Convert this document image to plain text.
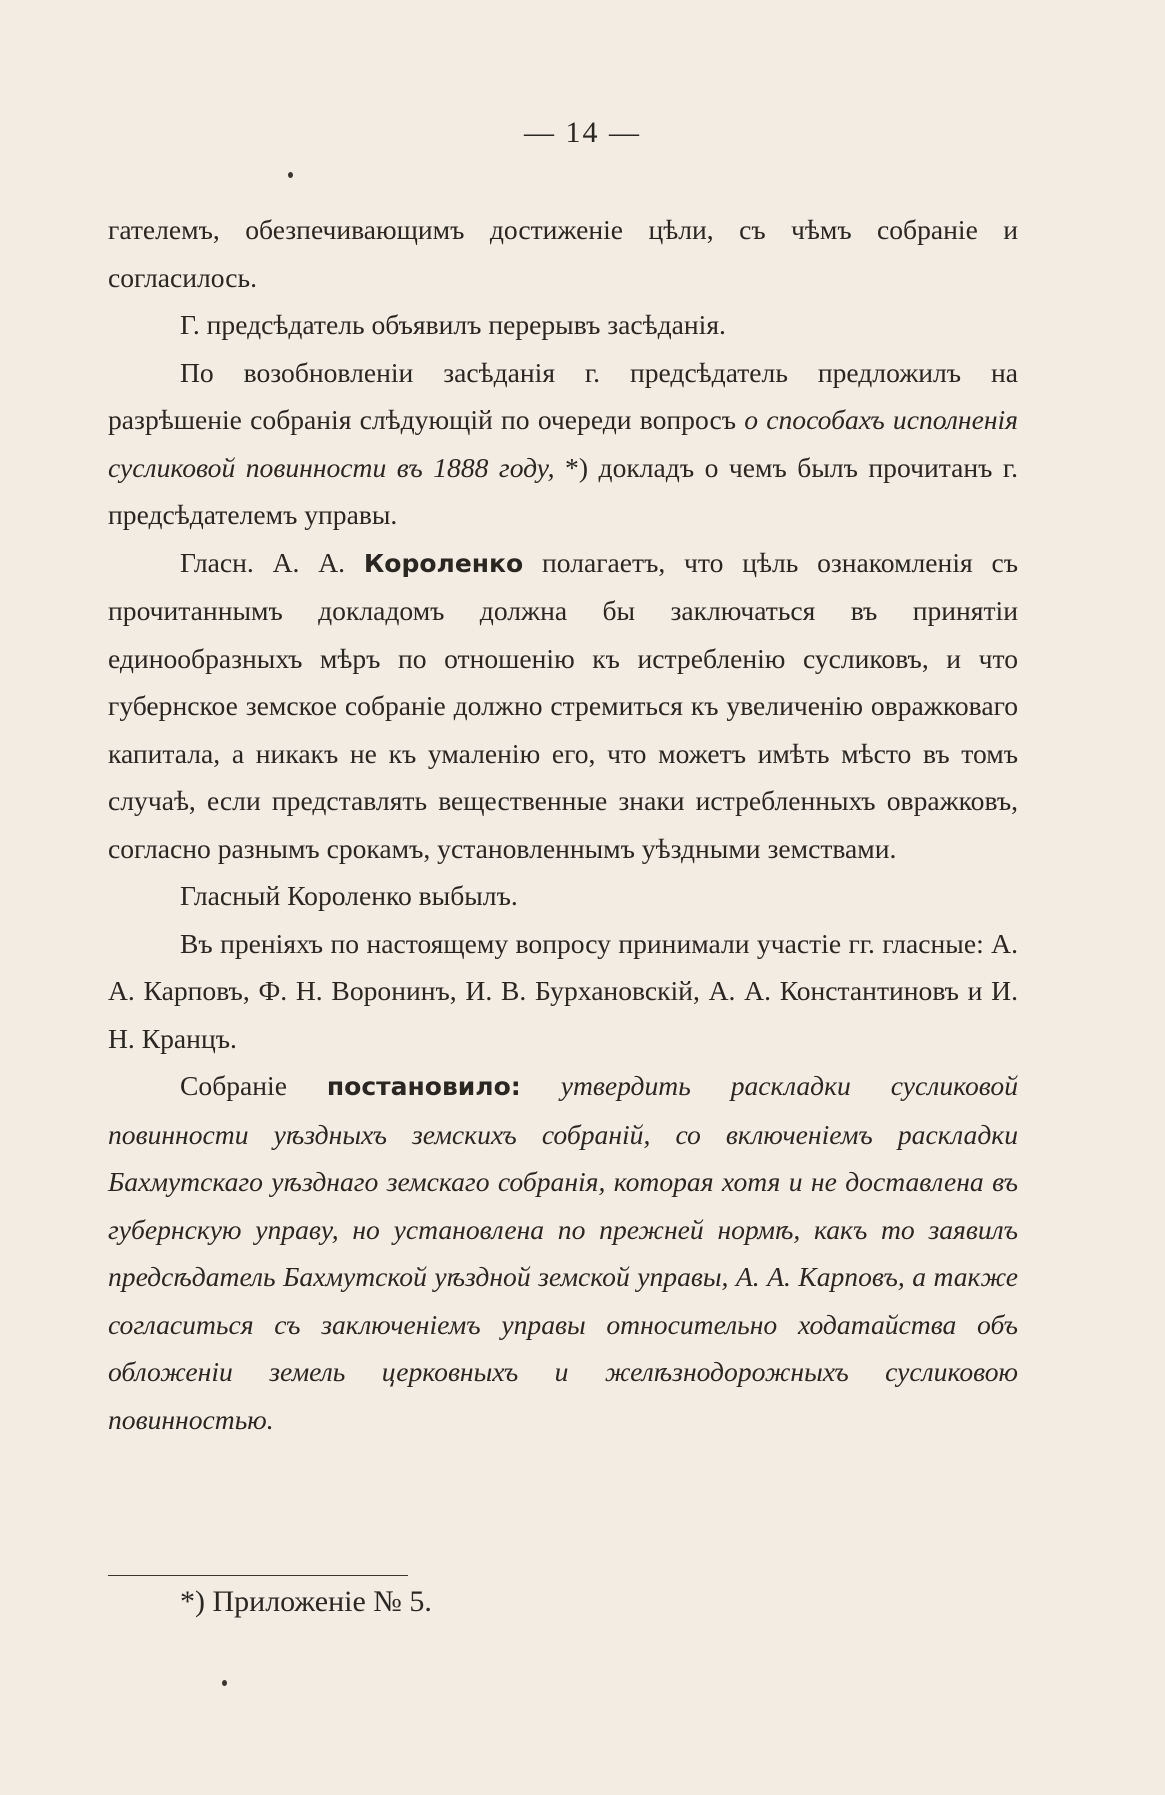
— 14 —

гателемъ, обезпечивающимъ достиженіе цѣли, съ чѣмъ собраніе и согласилось.

Г. предсѣдатель объявилъ перерывъ засѣданія.

По возобновленіи засѣданія г. предсѣдатель предложилъ на разрѣшеніе собранія слѣдующій по очереди вопросъ о способахъ исполненія сусликовой повинности въ 1888 году, *) докладъ о чемъ былъ прочитанъ г. предсѣдателемъ управы.

Гласн. А. А. Короленко полагаетъ, что цѣль ознакомленія съ прочитаннымъ докладомъ должна бы заключаться въ принятіи единообразныхъ мѣръ по отношенію къ истребленію сусликовъ, и что губернское земское собраніе должно стремиться къ увеличенію овражковаго капитала, а никакъ не къ умаленію его, что можетъ имѣть мѣсто въ томъ случаѣ, если представлять вещественные знаки истребленныхъ овражковъ, согласно разнымъ срокамъ, установленнымъ уѣздными земствами.

Гласный Короленко выбылъ.

Въ преніяхъ по настоящему вопросу принимали участіе гг. гласные: А. А. Карповъ, Ф. Н. Воронинъ, И. В. Бурхановскій, А. А. Константиновъ и И. Н. Кранцъ.

Собраніе постановило: утвердить раскладки сусликовой повинности уѣздныхъ земскихъ собраній, со включеніемъ раскладки Бахмутскаго уѣзднаго земскаго собранія, которая хотя и не доставлена въ губернскую управу, но установлена по прежней нормѣ, какъ то заявилъ предсѣдатель Бахмутской уѣздной земской управы, А. А. Карповъ, а также согласиться съ заключеніемъ управы относительно ходатайства объ обложеніи земель церковныхъ и желѣзнодорожныхъ сусликовою повинностью.

*) Приложеніе № 5.
